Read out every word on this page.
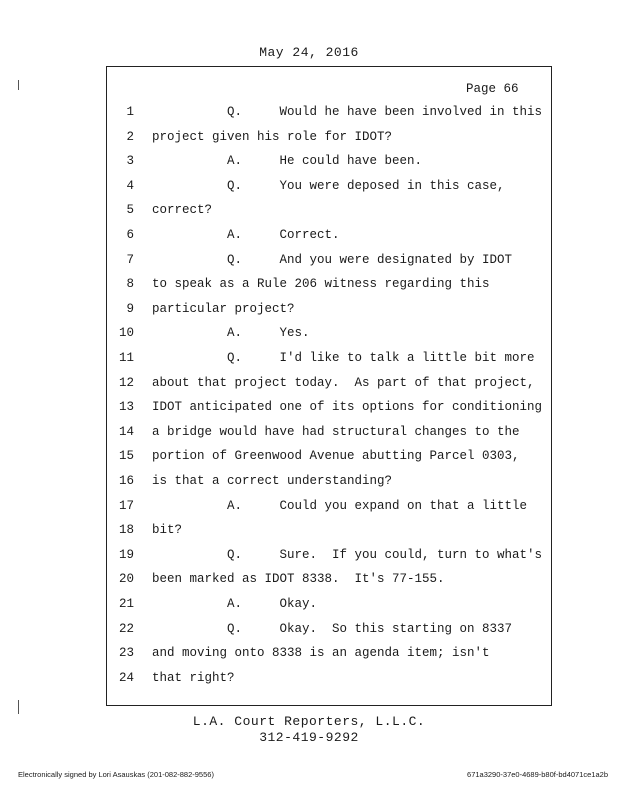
May 24, 2016
Page 66
1 Q.     Would he have been involved in this
2 project given his role for IDOT?
3 A.     He could have been.
4 Q.     You were deposed in this case,
5 correct?
6 A.     Correct.
7 Q.     And you were designated by IDOT
8 to speak as a Rule 206 witness regarding this
9 particular project?
10 A.     Yes.
11 Q.     I'd like to talk a little bit more
12 about that project today.  As part of that project,
13 IDOT anticipated one of its options for conditioning
14 a bridge would have had structural changes to the
15 portion of Greenwood Avenue abutting Parcel 0303,
16 is that a correct understanding?
17 A.     Could you expand on that a little
18 bit?
19 Q.     Sure.  If you could, turn to what's
20 been marked as IDOT 8338.  It's 77-155.
21 A.     Okay.
22 Q.     Okay.  So this starting on 8337
23 and moving onto 8338 is an agenda item; isn't
24 that right?
L.A. Court Reporters, L.L.C.
312-419-9292
Electronically signed by Lori Asauskas (201-082-882-9556)	671a3290-37e0-4689-b80f-bd4071ce1a2b
